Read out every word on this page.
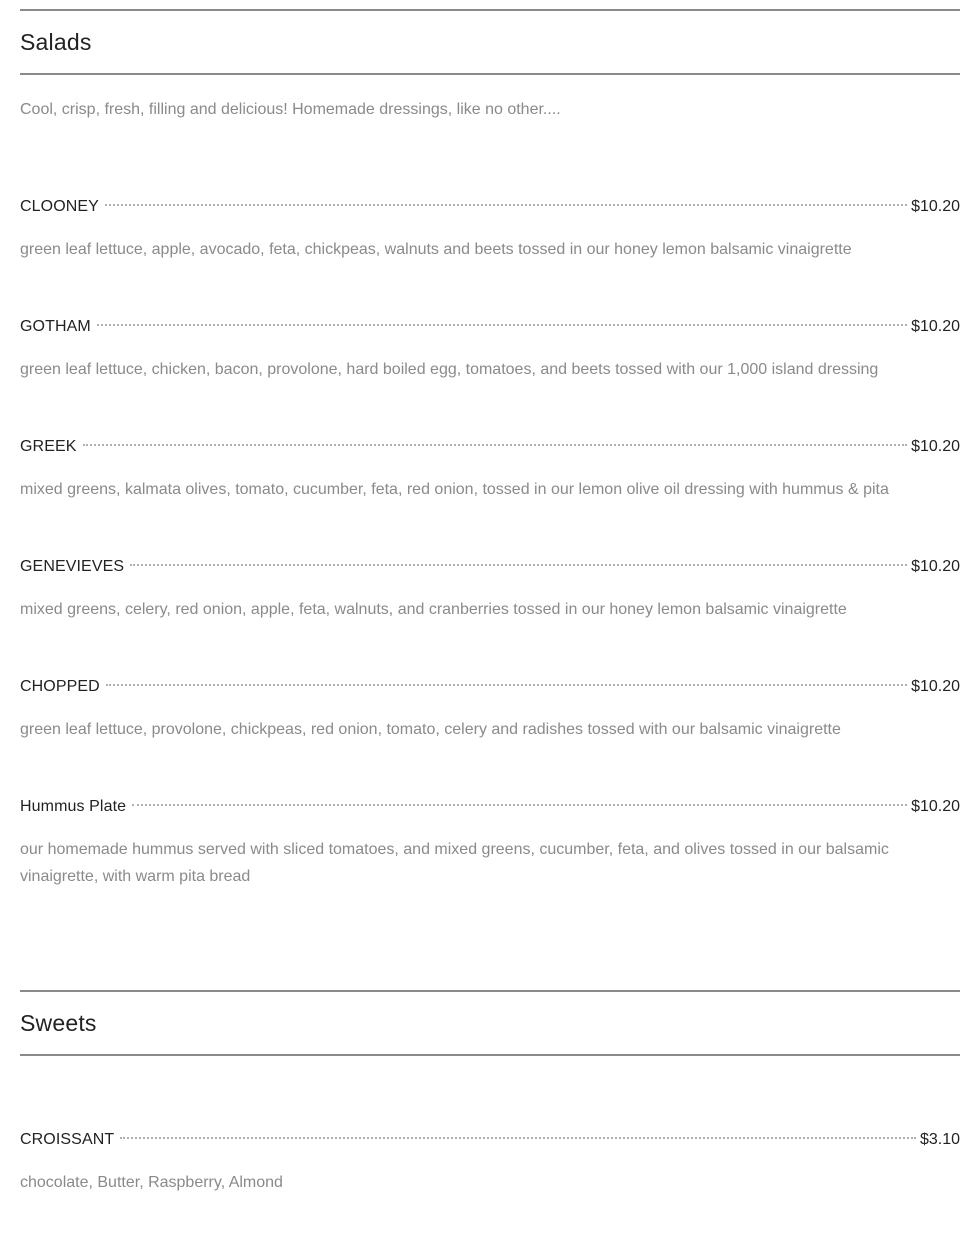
Salads

Cool, crisp, fresh, filling and delicious! Homemade dressings, like no other....

CLOONEY	$10.20

green leaf lettuce, apple, avocado, feta, chickpeas, walnuts and beets tossed in our honey lemon balsamic vinaigrette

GOTHAM	$10.20

green leaf lettuce, chicken, bacon, provolone, hard boiled egg, tomatoes, and beets tossed with our 1,000 island dressing

GREEK	$10.20

mixed greens, kalmata olives, tomato, cucumber, feta, red onion, tossed in our lemon olive oil dressing with hummus & pita

GENEVIEVES	$10.20

mixed greens, celery, red onion, apple, feta, walnuts, and cranberries tossed in our honey lemon balsamic vinaigrette

CHOPPED	$10.20

green leaf lettuce, provolone, chickpeas, red onion, tomato, celery and radishes tossed with our balsamic vinaigrette

Hummus Plate	$10.20

our homemade hummus served with sliced tomatoes, and mixed greens, cucumber, feta, and olives tossed in our balsamic vinaigrette, with warm pita bread

Sweets
CROISSANT	$3.10

chocolate, Butter, Raspberry, Almond
